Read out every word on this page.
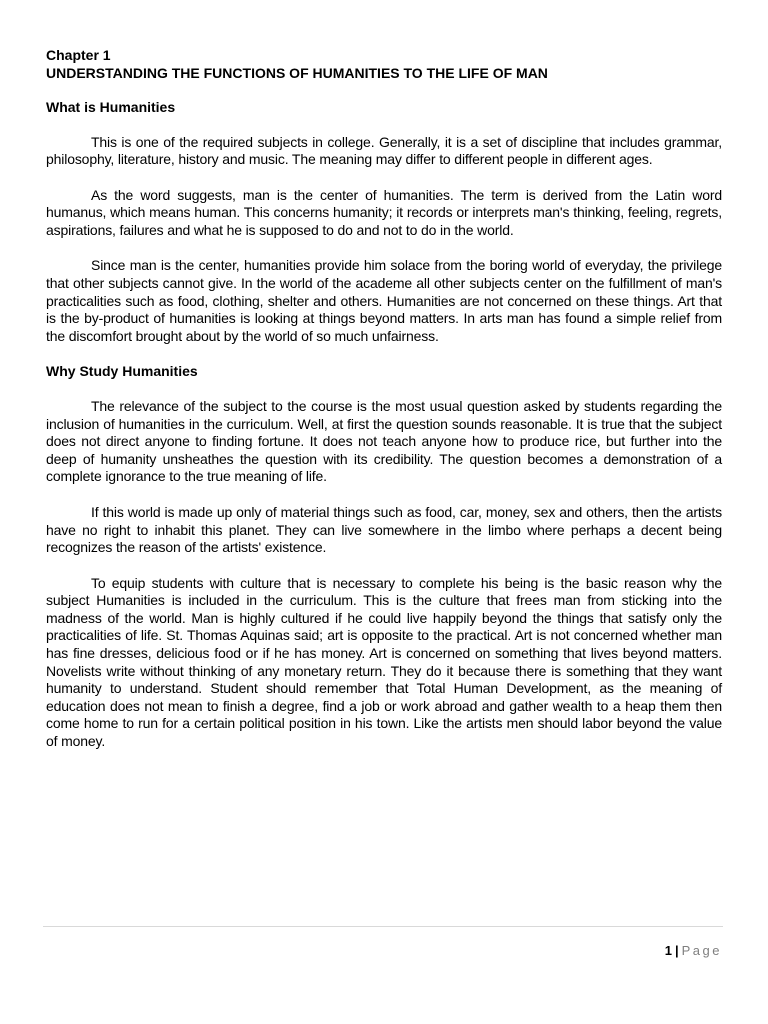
Chapter 1

UNDERSTANDING THE FUNCTIONS OF HUMANITIES TO THE LIFE OF MAN

What is Humanities

This is one of the required subjects in college. Generally, it is a set of discipline that includes grammar, philosophy, literature, history and music. The meaning may differ to different people in different ages.

As the word suggests, man is the center of humanities. The term is derived from the Latin word humanus, which means human. This concerns humanity; it records or interprets man's thinking, feeling, regrets, aspirations, failures and what he is supposed to do and not to do in the world.

Since man is the center, humanities provide him solace from the boring world of everyday, the privilege that other subjects cannot give. In the world of the academe all other subjects center on the fulfillment of man's practicalities such as food, clothing, shelter and others. Humanities are not concerned on these things. Art that is the by-product of humanities is looking at things beyond matters. In arts man has found a simple relief from the discomfort brought about by the world of so much unfairness.

Why Study Humanities

The relevance of the subject to the course is the most usual question asked by students regarding the inclusion of humanities in the curriculum. Well, at first the question sounds reasonable. It is true that the subject does not direct anyone to finding fortune. It does not teach anyone how to produce rice, but further into the deep of humanity unsheathes the question with its credibility. The question becomes a demonstration of a complete ignorance to the true meaning of life.

If this world is made up only of material things such as food, car, money, sex and others, then the artists have no right to inhabit this planet. They can live somewhere in the limbo where perhaps a decent being recognizes the reason of the artists' existence.

To equip students with culture that is necessary to complete his being is the basic reason why the subject Humanities is included in the curriculum. This is the culture that frees man from sticking into the madness of the world. Man is highly cultured if he could live happily beyond the things that satisfy only the practicalities of life. St. Thomas Aquinas said; art is opposite to the practical. Art is not concerned whether man has fine dresses, delicious food or if he has money. Art is concerned on something that lives beyond matters. Novelists write without thinking of any monetary return. They do it because there is something that they want humanity to understand. Student should remember that Total Human Development, as the meaning of education does not mean to finish a degree, find a job or work abroad and gather wealth to a heap them then come home to run for a certain political position in his town. Like the artists men should labor beyond the value of money.

1 | Page
